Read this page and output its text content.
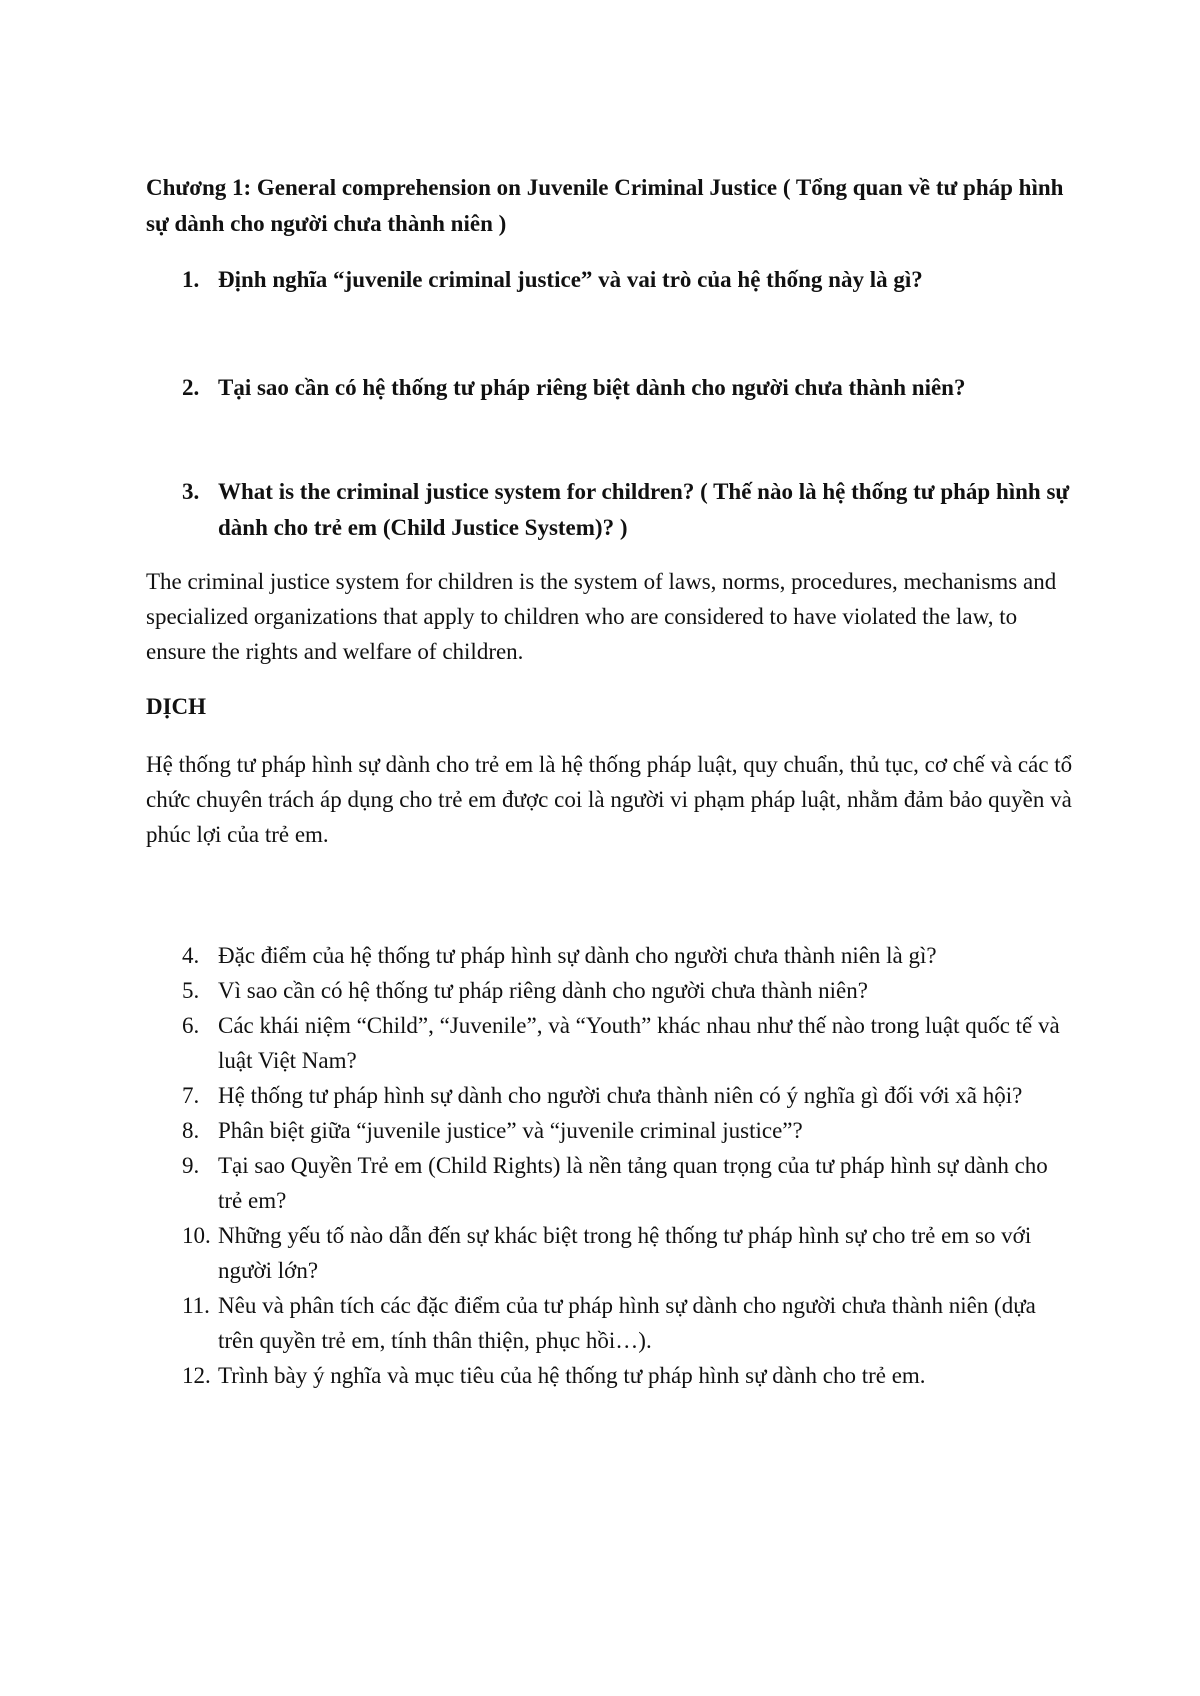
Chương 1: General comprehension on Juvenile Criminal Justice ( Tổng quan về tư pháp hình sự dành cho người chưa thành niên )

1. Định nghĩa “juvenile criminal justice” và vai trò của hệ thống này là gì?

2. Tại sao cần có hệ thống tư pháp riêng biệt dành cho người chưa thành niên?

3. What is the criminal justice system for children? ( Thế nào là hệ thống tư pháp hình sự dành cho trẻ em (Child Justice System)? )

The criminal justice system for children is the system of laws, norms, procedures, mechanisms and specialized organizations that apply to children who are considered to have violated the law, to ensure the rights and welfare of children.

DỊCH

Hệ thống tư pháp hình sự dành cho trẻ em là hệ thống pháp luật, quy chuẩn, thủ tục, cơ chế và các tổ chức chuyên trách áp dụng cho trẻ em được coi là người vi phạm pháp luật, nhằm đảm bảo quyền và phúc lợi của trẻ em.

4. Đặc điểm của hệ thống tư pháp hình sự dành cho người chưa thành niên là gì?
5. Vì sao cần có hệ thống tư pháp riêng dành cho người chưa thành niên?
6. Các khái niệm “Child”, “Juvenile”, và “Youth” khác nhau như thế nào trong luật quốc tế và luật Việt Nam?
7. Hệ thống tư pháp hình sự dành cho người chưa thành niên có ý nghĩa gì đối với xã hội?
8. Phân biệt giữa “juvenile justice” và “juvenile criminal justice”?
9. Tại sao Quyền Trẻ em (Child Rights) là nền tảng quan trọng của tư pháp hình sự dành cho trẻ em?
10. Những yếu tố nào dẫn đến sự khác biệt trong hệ thống tư pháp hình sự cho trẻ em so với người lớn?
11. Nêu và phân tích các đặc điểm của tư pháp hình sự dành cho người chưa thành niên (dựa trên quyền trẻ em, tính thân thiện, phục hồi…).
12. Trình bày ý nghĩa và mục tiêu của hệ thống tư pháp hình sự dành cho trẻ em.
